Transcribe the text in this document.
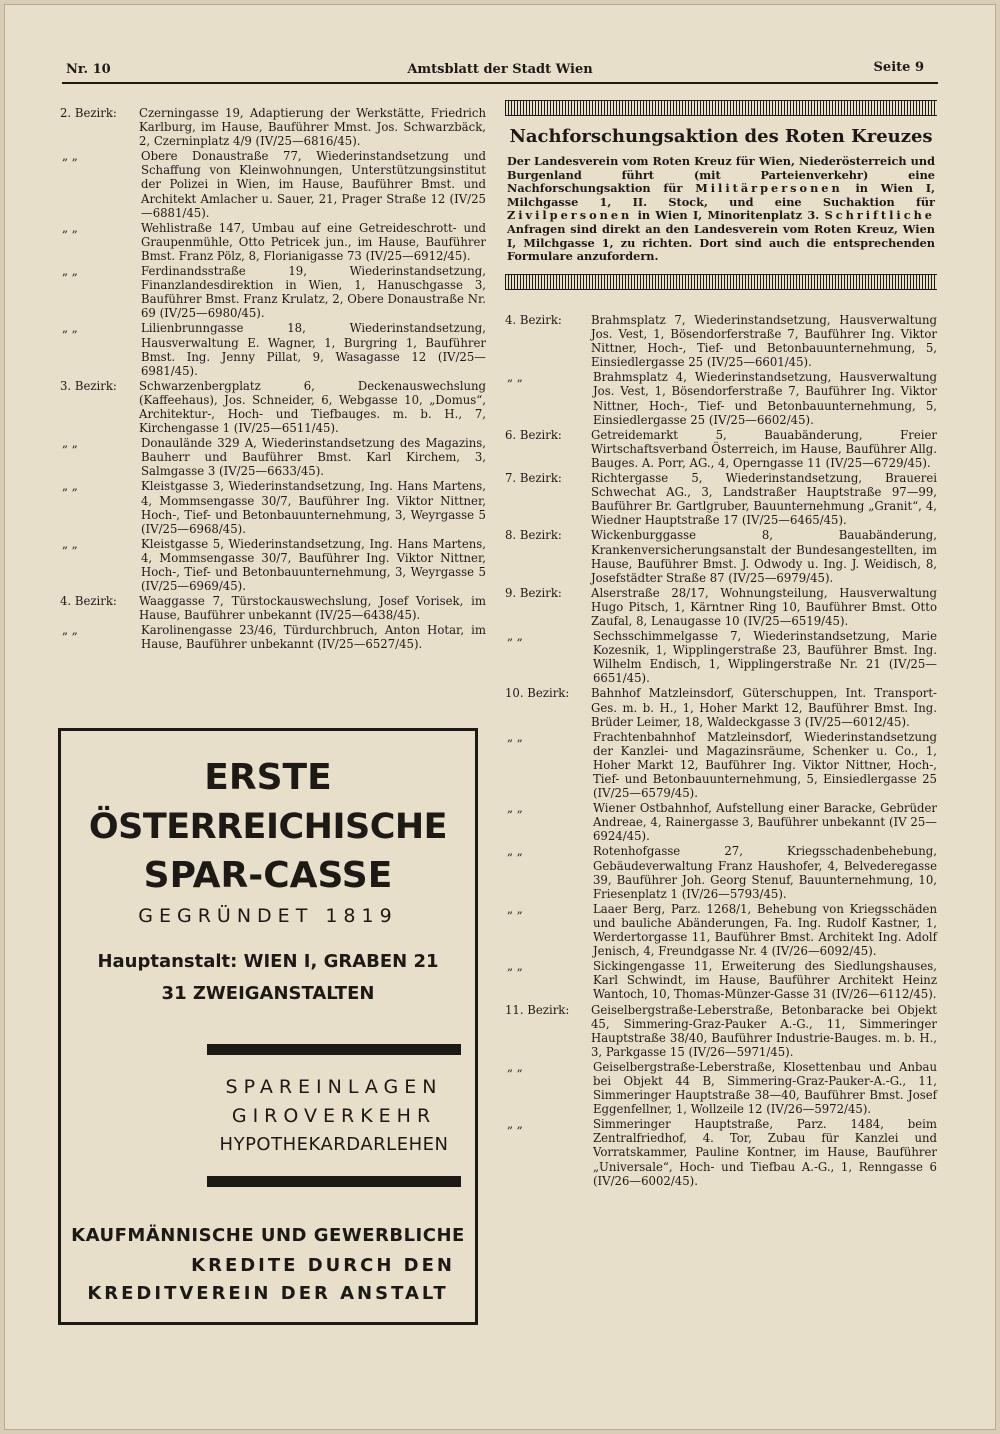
Nr. 10	Amtsblatt der Stadt Wien	Seite 9
2. Bezirk:	Czerningasse 19, Adaptierung der Werkstätte, Friedrich Karlburg, im Hause, Bauführer Mmst. Jos. Schwarzbäck, 2, Czerninplatz 4/9 (IV/25—6816/45).
„ „	Obere Donaustraße 77, Wiederinstandsetzung und Schaffung von Kleinwohnungen, Unterstützungsinstitut der Polizei in Wien, im Hause, Bauführer Bmst. und Architekt Amlacher u. Sauer, 21, Prager Straße 12 (IV/25—6881/45).
„ „	Wehlistraße 147, Umbau auf eine Getreideschrott- und Graupenmühle, Otto Petricek jun., im Hause, Bauführer Bmst. Franz Pölz, 8, Florianigasse 73 (IV/25—6912/45).
„ „	Ferdinandsstraße 19, Wiederinstandsetzung, Finanzlandesdirektion in Wien, 1, Hanuschgasse 3, Bauführer Bmst. Franz Krulatz, 2, Obere Donaustraße Nr. 69 (IV/25—6980/45).
„ „	Lilienbrunngasse 18, Wiederinstandsetzung, Hausverwaltung E. Wagner, 1, Burgring 1, Bauführer Bmst. Ing. Jenny Pillat, 9, Wasagasse 12 (IV/25—6981/45).
3. Bezirk:	Schwarzenbergplatz 6, Deckenauswechslung (Kaffeehaus), Jos. Schneider, 6, Webgasse 10, „Domus“, Architektur-, Hoch- und Tiefbauges. m. b. H., 7, Kirchengasse 1 (IV/25—6511/45).
„ „	Donaulände 329 A, Wiederinstandsetzung des Magazins, Bauherr und Bauführer Bmst. Karl Kirchem, 3, Salmgasse 3 (IV/25—6633/45).
„ „	Kleistgasse 3, Wiederinstandsetzung, Ing. Hans Martens, 4, Mommsengasse 30/7, Bauführer Ing. Viktor Nittner, Hoch-, Tief- und Betonbauunternehmung, 3, Weyrgasse 5 (IV/25—6968/45).
„ „	Kleistgasse 5, Wiederinstandsetzung, Ing. Hans Martens, 4, Mommsengasse 30/7, Bauführer Ing. Viktor Nittner, Hoch-, Tief- und Betonbauunternehmung, 3, Weyrgasse 5 (IV/25—6969/45).
4. Bezirk:	Waaggasse 7, Türstockauswechslung, Josef Vorisek, im Hause, Bauführer unbekannt (IV/25—6438/45).
„ „	Karolinengasse 23/46, Türdurchbruch, Anton Hotar, im Hause, Bauführer unbekannt (IV/25—6527/45).
Nachforschungsaktion des Roten Kreuzes

Der Landesverein vom Roten Kreuz für Wien, Niederösterreich und Burgenland führt (mit Parteienverkehr) eine Nachforschungsaktion für Militärpersonen in Wien I, Milchgasse 1, II. Stock, und eine Suchaktion für Zivilpersonen in Wien I, Minoritenplatz 3. Schriftliche Anfragen sind direkt an den Landesverein vom Roten Kreuz, Wien I, Milchgasse 1, zu richten. Dort sind auch die entsprechenden Formulare anzufordern.

4. Bezirk:	Brahmsplatz 7, Wiederinstandsetzung, Hausverwaltung Jos. Vest, 1, Bösendorferstraße 7, Bauführer Ing. Viktor Nittner, Hoch-, Tief- und Betonbauunternehmung, 5, Einsiedlergasse 25 (IV/25—6601/45).
„ „	Brahmsplatz 4, Wiederinstandsetzung, Hausverwaltung Jos. Vest, 1, Bösendorferstraße 7, Bauführer Ing. Viktor Nittner, Hoch-, Tief- und Betonbauunternehmung, 5, Einsiedlergasse 25 (IV/25—6602/45).
6. Bezirk:	Getreidemarkt 5, Bauabänderung, Freier Wirtschaftsverband Österreich, im Hause, Bauführer Allg. Bauges. A. Porr, AG., 4, Operngasse 11 (IV/25—6729/45).
7. Bezirk:	Richtergasse 5, Wiederinstandsetzung, Brauerei Schwechat AG., 3, Landstraßer Hauptstraße 97—99, Bauführer Br. Gartlgruber, Bauunternehmung „Granit“, 4, Wiedner Hauptstraße 17 (IV/25—6465/45).
8. Bezirk:	Wickenburggasse 8, Bauabänderung, Krankenversicherungsanstalt der Bundesangestellten, im Hause, Bauführer Bmst. J. Odwody u. Ing. J. Weidisch, 8, Josefstädter Straße 87 (IV/25—6979/45).
9. Bezirk:	Alserstraße 28/17, Wohnungsteilung, Hausverwaltung Hugo Pitsch, 1, Kärntner Ring 10, Bauführer Bmst. Otto Zaufal, 8, Lenaugasse 10 (IV/25—6519/45).
„ „	Sechsschimmelgasse 7, Wiederinstandsetzung, Marie Kozesnik, 1, Wipplingerstraße 23, Bauführer Bmst. Ing. Wilhelm Endisch, 1, Wipplingerstraße Nr. 21 (IV/25—6651/45).
10. Bezirk:	Bahnhof Matzleinsdorf, Güterschuppen, Int. Transport-Ges. m. b. H., 1, Hoher Markt 12, Bauführer Bmst. Ing. Brüder Leimer, 18, Waldeckgasse 3 (IV/25—6012/45).
„ „	Frachtenbahnhof Matzleinsdorf, Wiederinstandsetzung der Kanzlei- und Magazinsräume, Schenker u. Co., 1, Hoher Markt 12, Bauführer Ing. Viktor Nittner, Hoch-, Tief- und Betonbauunternehmung, 5, Einsiedlergasse 25 (IV/25—6579/45).
„ „	Wiener Ostbahnhof, Aufstellung einer Baracke, Gebrüder Andreae, 4, Rainergasse 3, Bauführer unbekannt (IV 25—6924/45).
„ „	Rotenhofgasse 27, Kriegsschadenbehebung, Gebäudeverwaltung Franz Haushofer, 4, Belvederegasse 39, Bauführer Joh. Georg Stenuf, Bauunternehmung, 10, Friesenplatz 1 (IV/26—5793/45).
„ „	Laaer Berg, Parz. 1268/1, Behebung von Kriegsschäden und bauliche Abänderungen, Fa. Ing. Rudolf Kastner, 1, Werdertorgasse 11, Bauführer Bmst. Architekt Ing. Adolf Jenisch, 4, Freundgasse Nr. 4 (IV/26—6092/45).
„ „	Sickingengasse 11, Erweiterung des Siedlungshauses, Karl Schwindt, im Hause, Bauführer Architekt Heinz Wantoch, 10, Thomas-Münzer-Gasse 31 (IV/26—6112/45).
11. Bezirk:	Geiselbergstraße-Leberstraße, Betonbaracke bei Objekt 45, Simmering-Graz-Pauker A.-G., 11, Simmeringer Hauptstraße 38/40, Bauführer Industrie-Bauges. m. b. H., 3, Parkgasse 15 (IV/26—5971/45).
„ „	Geiselbergstraße-Leberstraße, Klosettenbau und Anbau bei Objekt 44 B, Simmering-Graz-Pauker-A.-G., 11, Simmeringer Hauptstraße 38—40, Bauführer Bmst. Josef Eggenfellner, 1, Wollzeile 12 (IV/26—5972/45).
„ „	Simmeringer Hauptstraße, Parz. 1484, beim Zentralfriedhof, 4. Tor, Zubau für Kanzlei und Vorratskammer, Pauline Kontner, im Hause, Bauführer „Universale“, Hoch- und Tiefbau A.-G., 1, Renngasse 6 (IV/26—6002/45).
ERSTE
ÖSTERREICHISCHE
SPAR-CASSE
GEGRÜNDET 1819
Hauptanstalt: WIEN I, GRABEN 21
31 ZWEIGANSTALTEN
SPAREINLAGEN
GIROVERKEHR
HYPOTHEKARDARLEHEN
KAUFMÄNNISCHE UND GEWERBLICHE
KREDITE DURCH DEN
KREDITVEREIN DER ANSTALT
